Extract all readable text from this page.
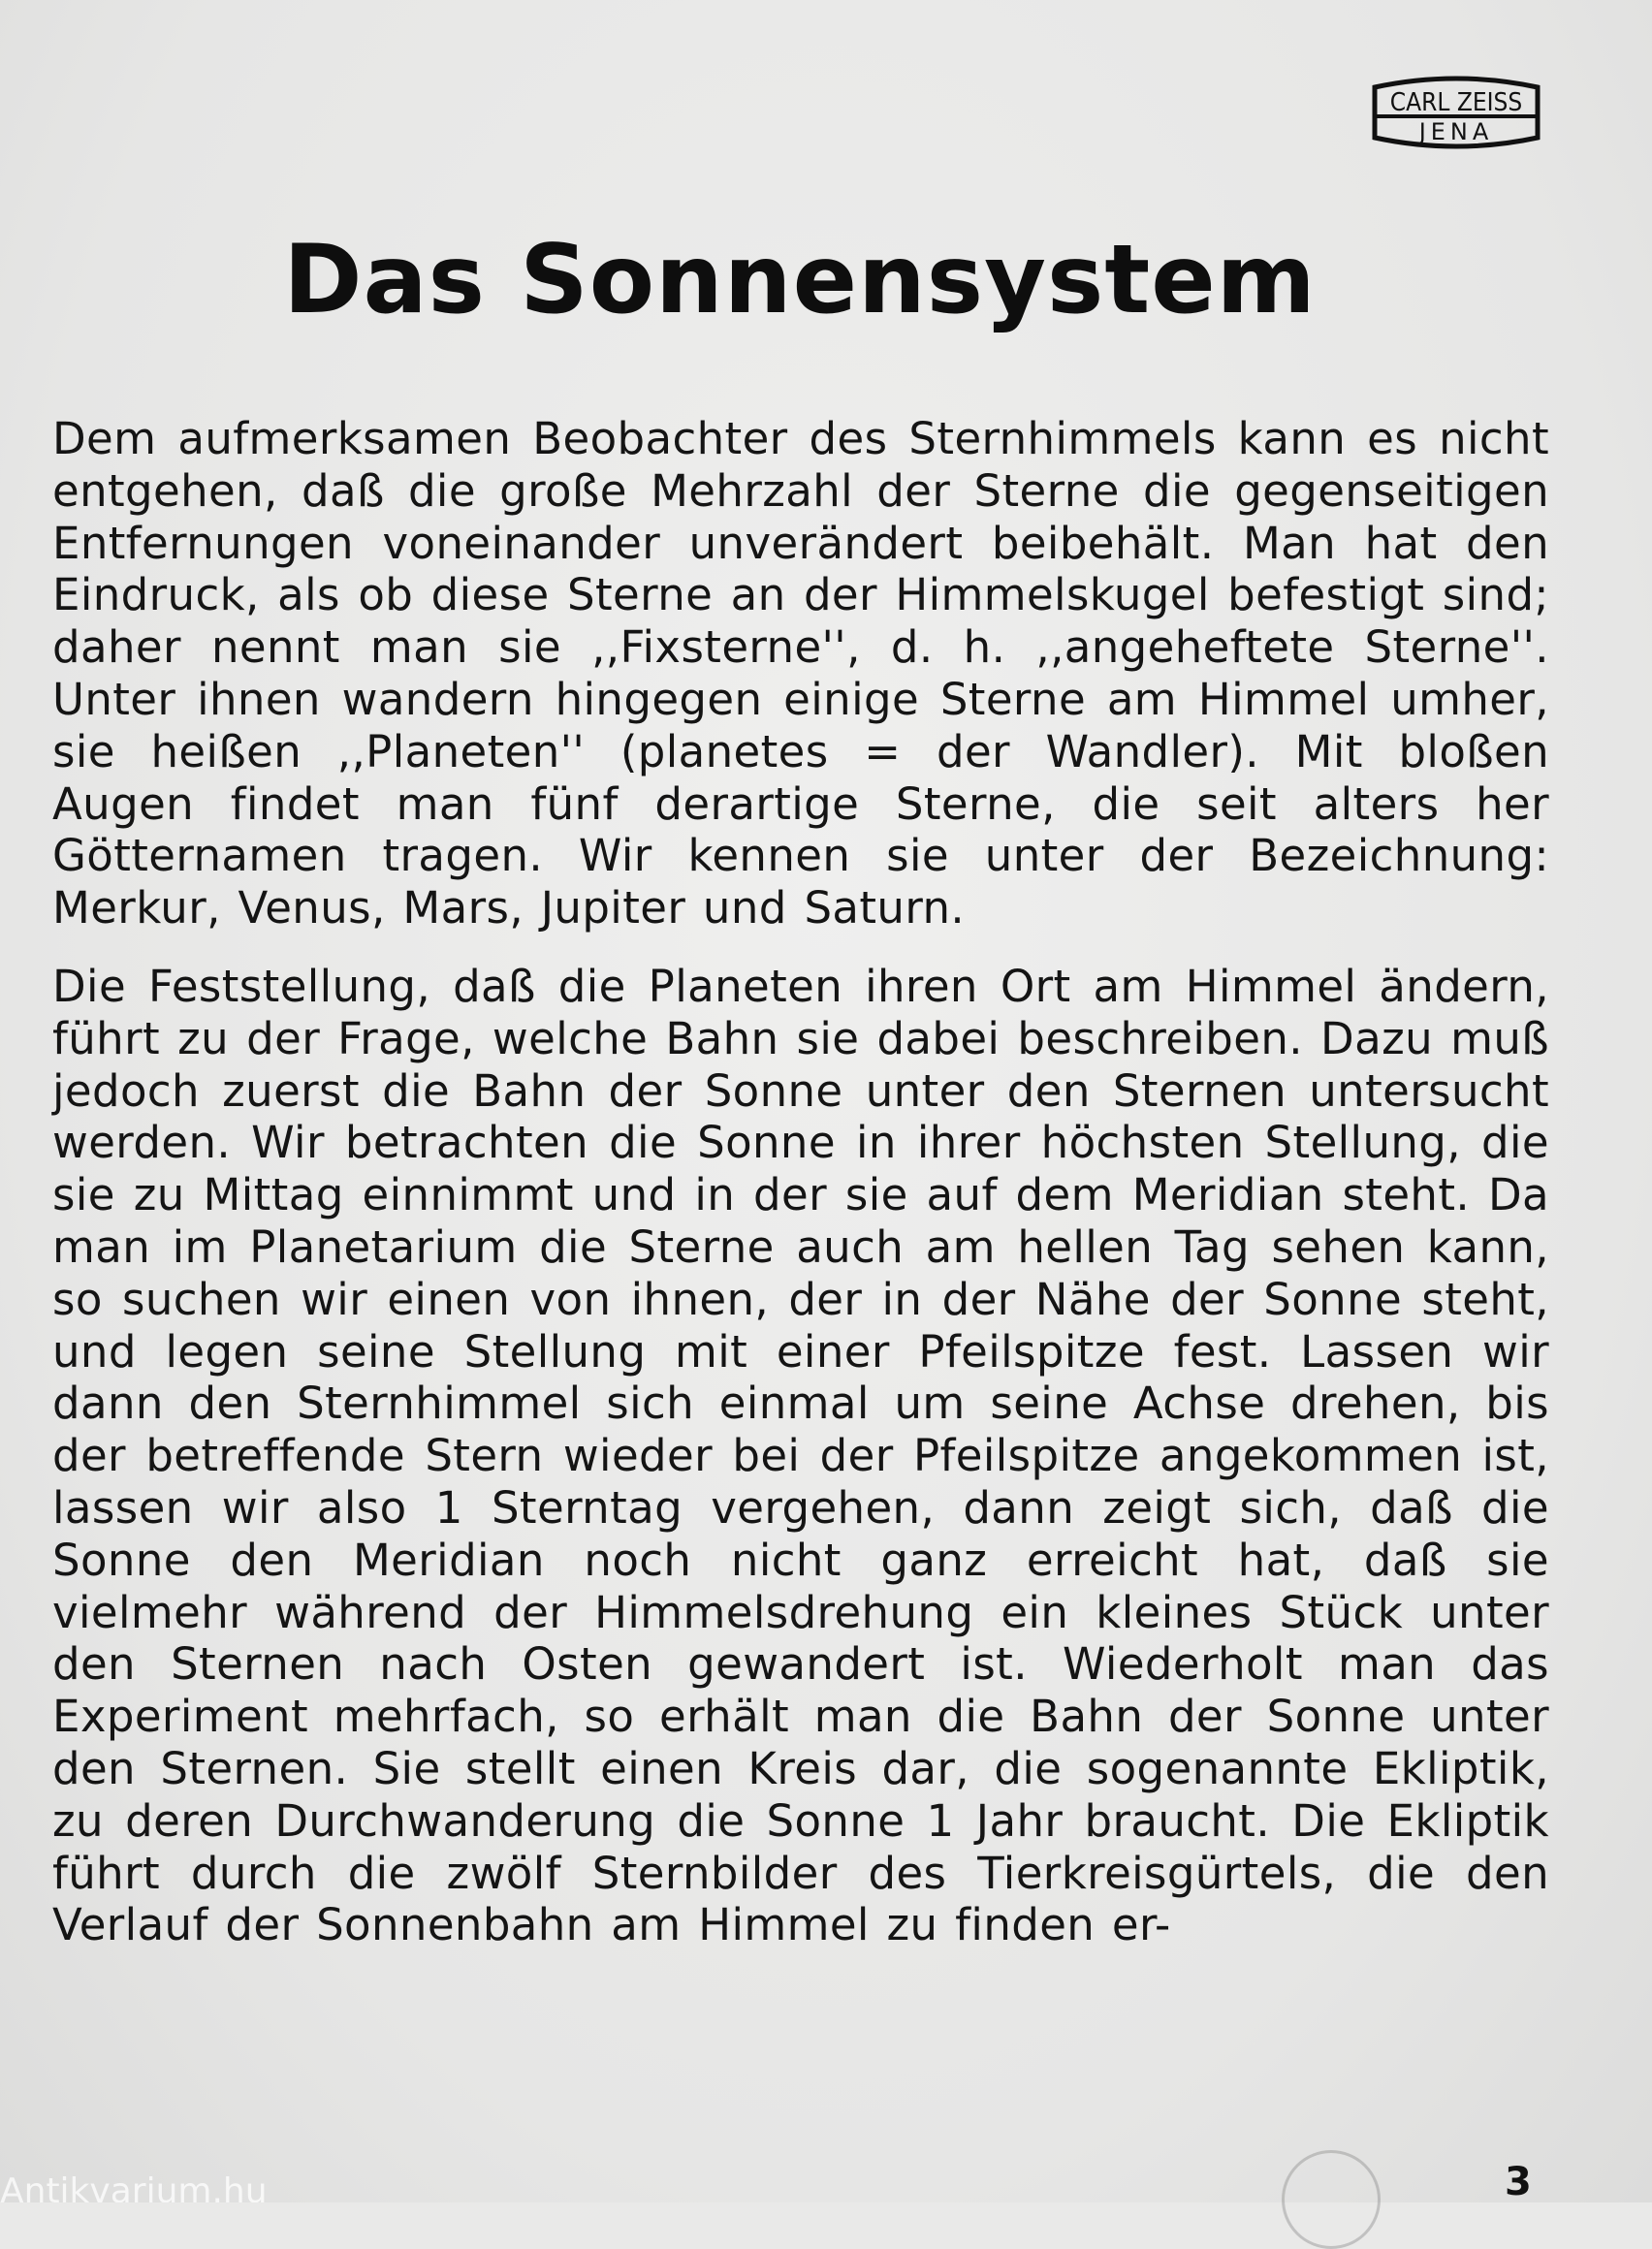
CARL ZEISS
JENA
Das Sonnensystem

Dem aufmerksamen Beobachter des Sternhimmels kann es nicht entgehen, daß die große Mehrzahl der Sterne die gegenseitigen Entfernungen voneinander unverändert beibehält. Man hat den Eindruck, als ob diese Sterne an der Himmelskugel befestigt sind; daher nennt man sie ,,Fixsterne'', d. h. ,,angeheftete Sterne''. Unter ihnen wandern hingegen einige Sterne am Himmel umher, sie heißen ,,Planeten'' (planetes = der Wandler). Mit bloßen Augen findet man fünf derartige Sterne, die seit alters her Götternamen tragen. Wir kennen sie unter der Bezeichnung: Merkur, Venus, Mars, Jupiter und Saturn.

Die Feststellung, daß die Planeten ihren Ort am Himmel ändern, führt zu der Frage, welche Bahn sie dabei beschreiben. Dazu muß jedoch zuerst die Bahn der Sonne unter den Sternen untersucht werden. Wir betrachten die Sonne in ihrer höchsten Stellung, die sie zu Mittag einnimmt und in der sie auf dem Meridian steht. Da man im Planetarium die Sterne auch am hellen Tag sehen kann, so suchen wir einen von ihnen, der in der Nähe der Sonne steht, und legen seine Stellung mit einer Pfeilspitze fest. Lassen wir dann den Sternhimmel sich einmal um seine Achse drehen, bis der betreffende Stern wieder bei der Pfeilspitze angekommen ist, lassen wir also 1 Sterntag vergehen, dann zeigt sich, daß die Sonne den Meridian noch nicht ganz erreicht hat, daß sie vielmehr während der Himmelsdrehung ein kleines Stück unter den Sternen nach Osten gewandert ist. Wiederholt man das Experiment mehrfach, so erhält man die Bahn der Sonne unter den Sternen. Sie stellt einen Kreis dar, die sogenannte Ekliptik, zu deren Durchwanderung die Sonne 1 Jahr braucht. Die Ekliptik führt durch die zwölf Sternbilder des Tierkreisgürtels, die den Verlauf der Sonnenbahn am Himmel zu finden er-

Antikvarium.hu	3
